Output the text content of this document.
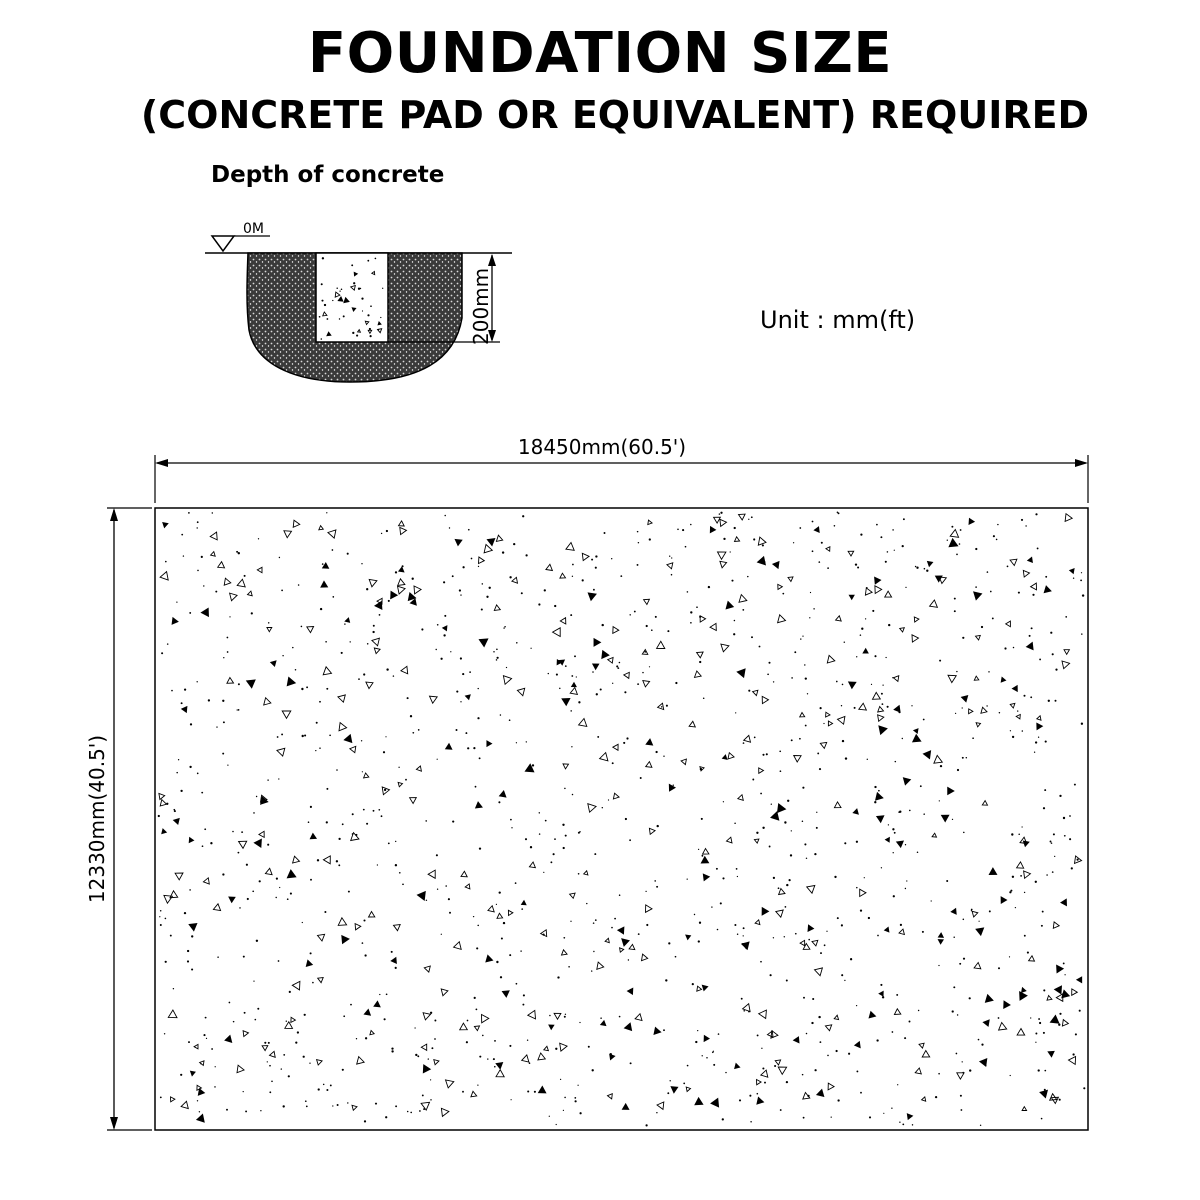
FOUNDATION SIZE
(CONCRETE PAD OR EQUIVALENT) REQUIRED
Depth of concrete
Unit : mm(ft)
0M
200mm
18450mm(60.5')
12330mm(40.5')
